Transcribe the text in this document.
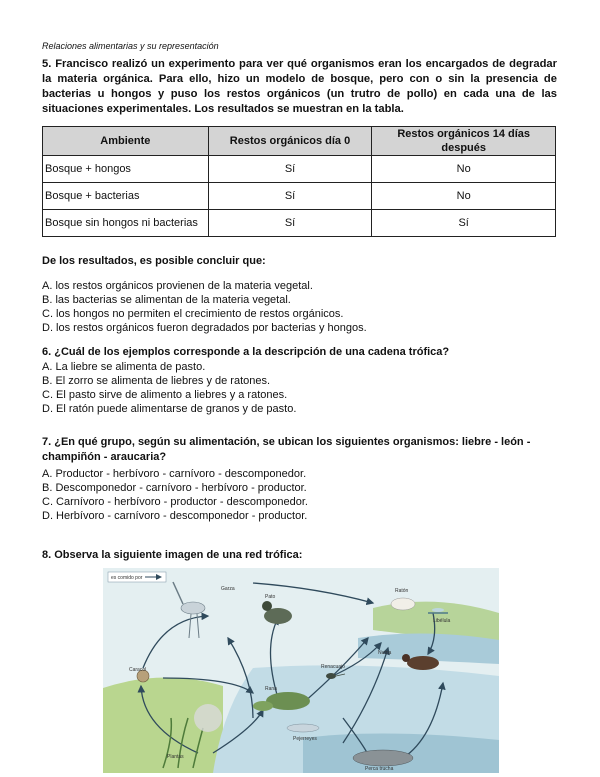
Relaciones alimentarias y su representación
5. Francisco realizó un experimento para ver qué organismos eran los encargados de degradar la materia orgánica. Para ello, hizo un modelo de bosque, pero con o sin la presencia de bacterias u hongos y puso los restos orgánicos (un trutro de pollo) en cada una de las situaciones experimentales. Los resultados se muestran en la tabla.
Ambiente	Restos orgánicos día 0	Restos orgánicos 14 días después
Bosque + hongos	Sí	No
Bosque + bacterias	Sí	No
Bosque sin hongos ni bacterias	Sí	Sí
De los resultados, es posible concluir que:
A. los restos orgánicos provienen de la materia vegetal.
B. las bacterias se alimentan de la materia vegetal.
C. los hongos no permiten el crecimiento de restos orgánicos.
D. los restos orgánicos fueron degradados por bacterias y hongos.
6. ¿Cuál de los ejemplos corresponde a la descripción de una cadena trófica?
A. La liebre se alimenta de pasto.
B. El zorro se alimenta de liebres y de ratones.
C. El pasto sirve de alimento a liebres y a ratones.
D. El ratón puede alimentarse de granos y de pasto.
7. ¿En qué grupo, según su alimentación, se ubican los siguientes organismos: liebre - león - champiñón - araucaria?
A. Productor - herbívoro - carnívoro - descomponedor.
B. Descomponedor - carnívoro - herbívoro - productor.
C. Carnívoro - herbívoro - productor - descomponedor.
D. Herbívoro - carnívoro - descomponedor - productor.
8. Observa la siguiente imagen de una red trófica:
es comido por
Garza
Pato
Ratón
Libélula
Nutria
Caracol	Renacuajo
Rana
Pejerreyes
Perca trucha
Plantas
